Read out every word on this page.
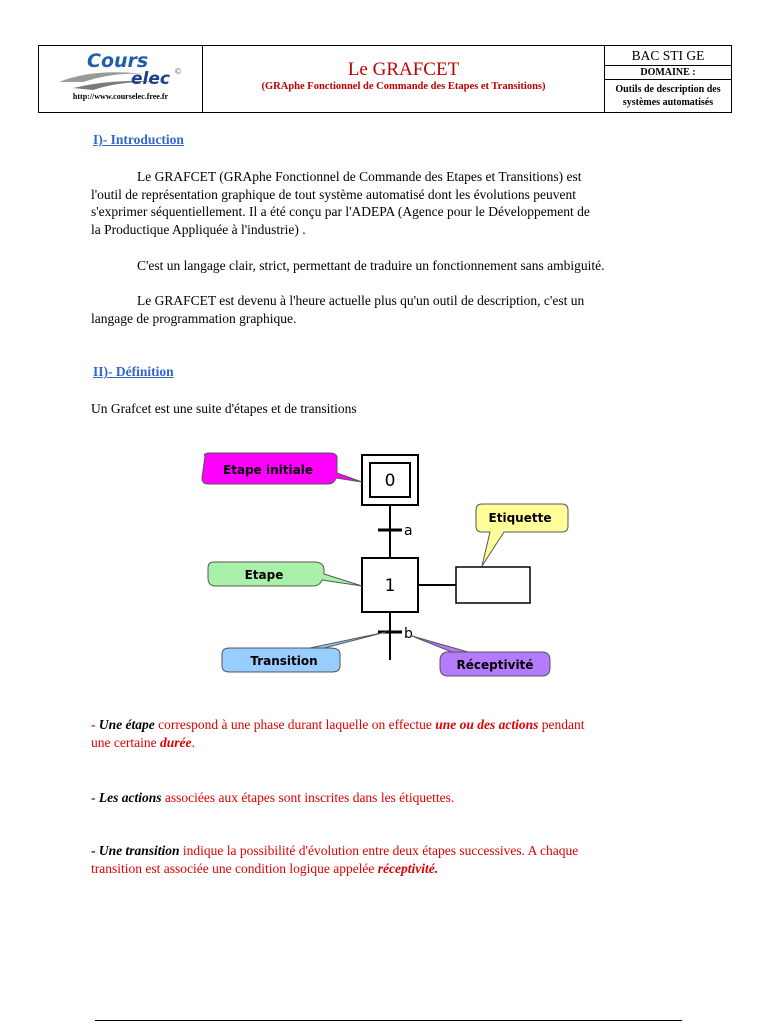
Cours
elec ©
http://www.courselec.free.fr
Le GRAFCET
(GRAphe Fonctionnel de Commande des Etapes et Transitions)
BAC STI GE
DOMAINE :
Outils de description des
systèmes automatisés
I)- Introduction
Le GRAFCET (GRAphe Fonctionnel de Commande des Etapes et Transitions) est
l'outil de représentation graphique de tout système automatisé dont les évolutions peuvent
s'exprimer séquentiellement. Il a été conçu par l'ADEPA (Agence pour le Développement de
la Productique Appliquée à l'industrie) .
C'est un langage clair, strict, permettant de traduire un fonctionnement sans ambiguité.
Le GRAFCET est devenu à l'heure actuelle plus qu'un outil de description, c'est un
langage de programmation graphique.
II)- Définition
Un Grafcet est une suite d'étapes et de transitions
a
b
0
1
Etape initiale
Etape
Etiquette
Transition	Réceptivité
- Une étape correspond à une phase durant laquelle on effectue une ou des actions pendant
une certaine durée.
- Les actions associées aux étapes sont inscrites dans les étiquettes.
- Une transition indique la possibilité d'évolution entre deux étapes successives. A chaque
transition est associée une condition logique appelée réceptivité.
